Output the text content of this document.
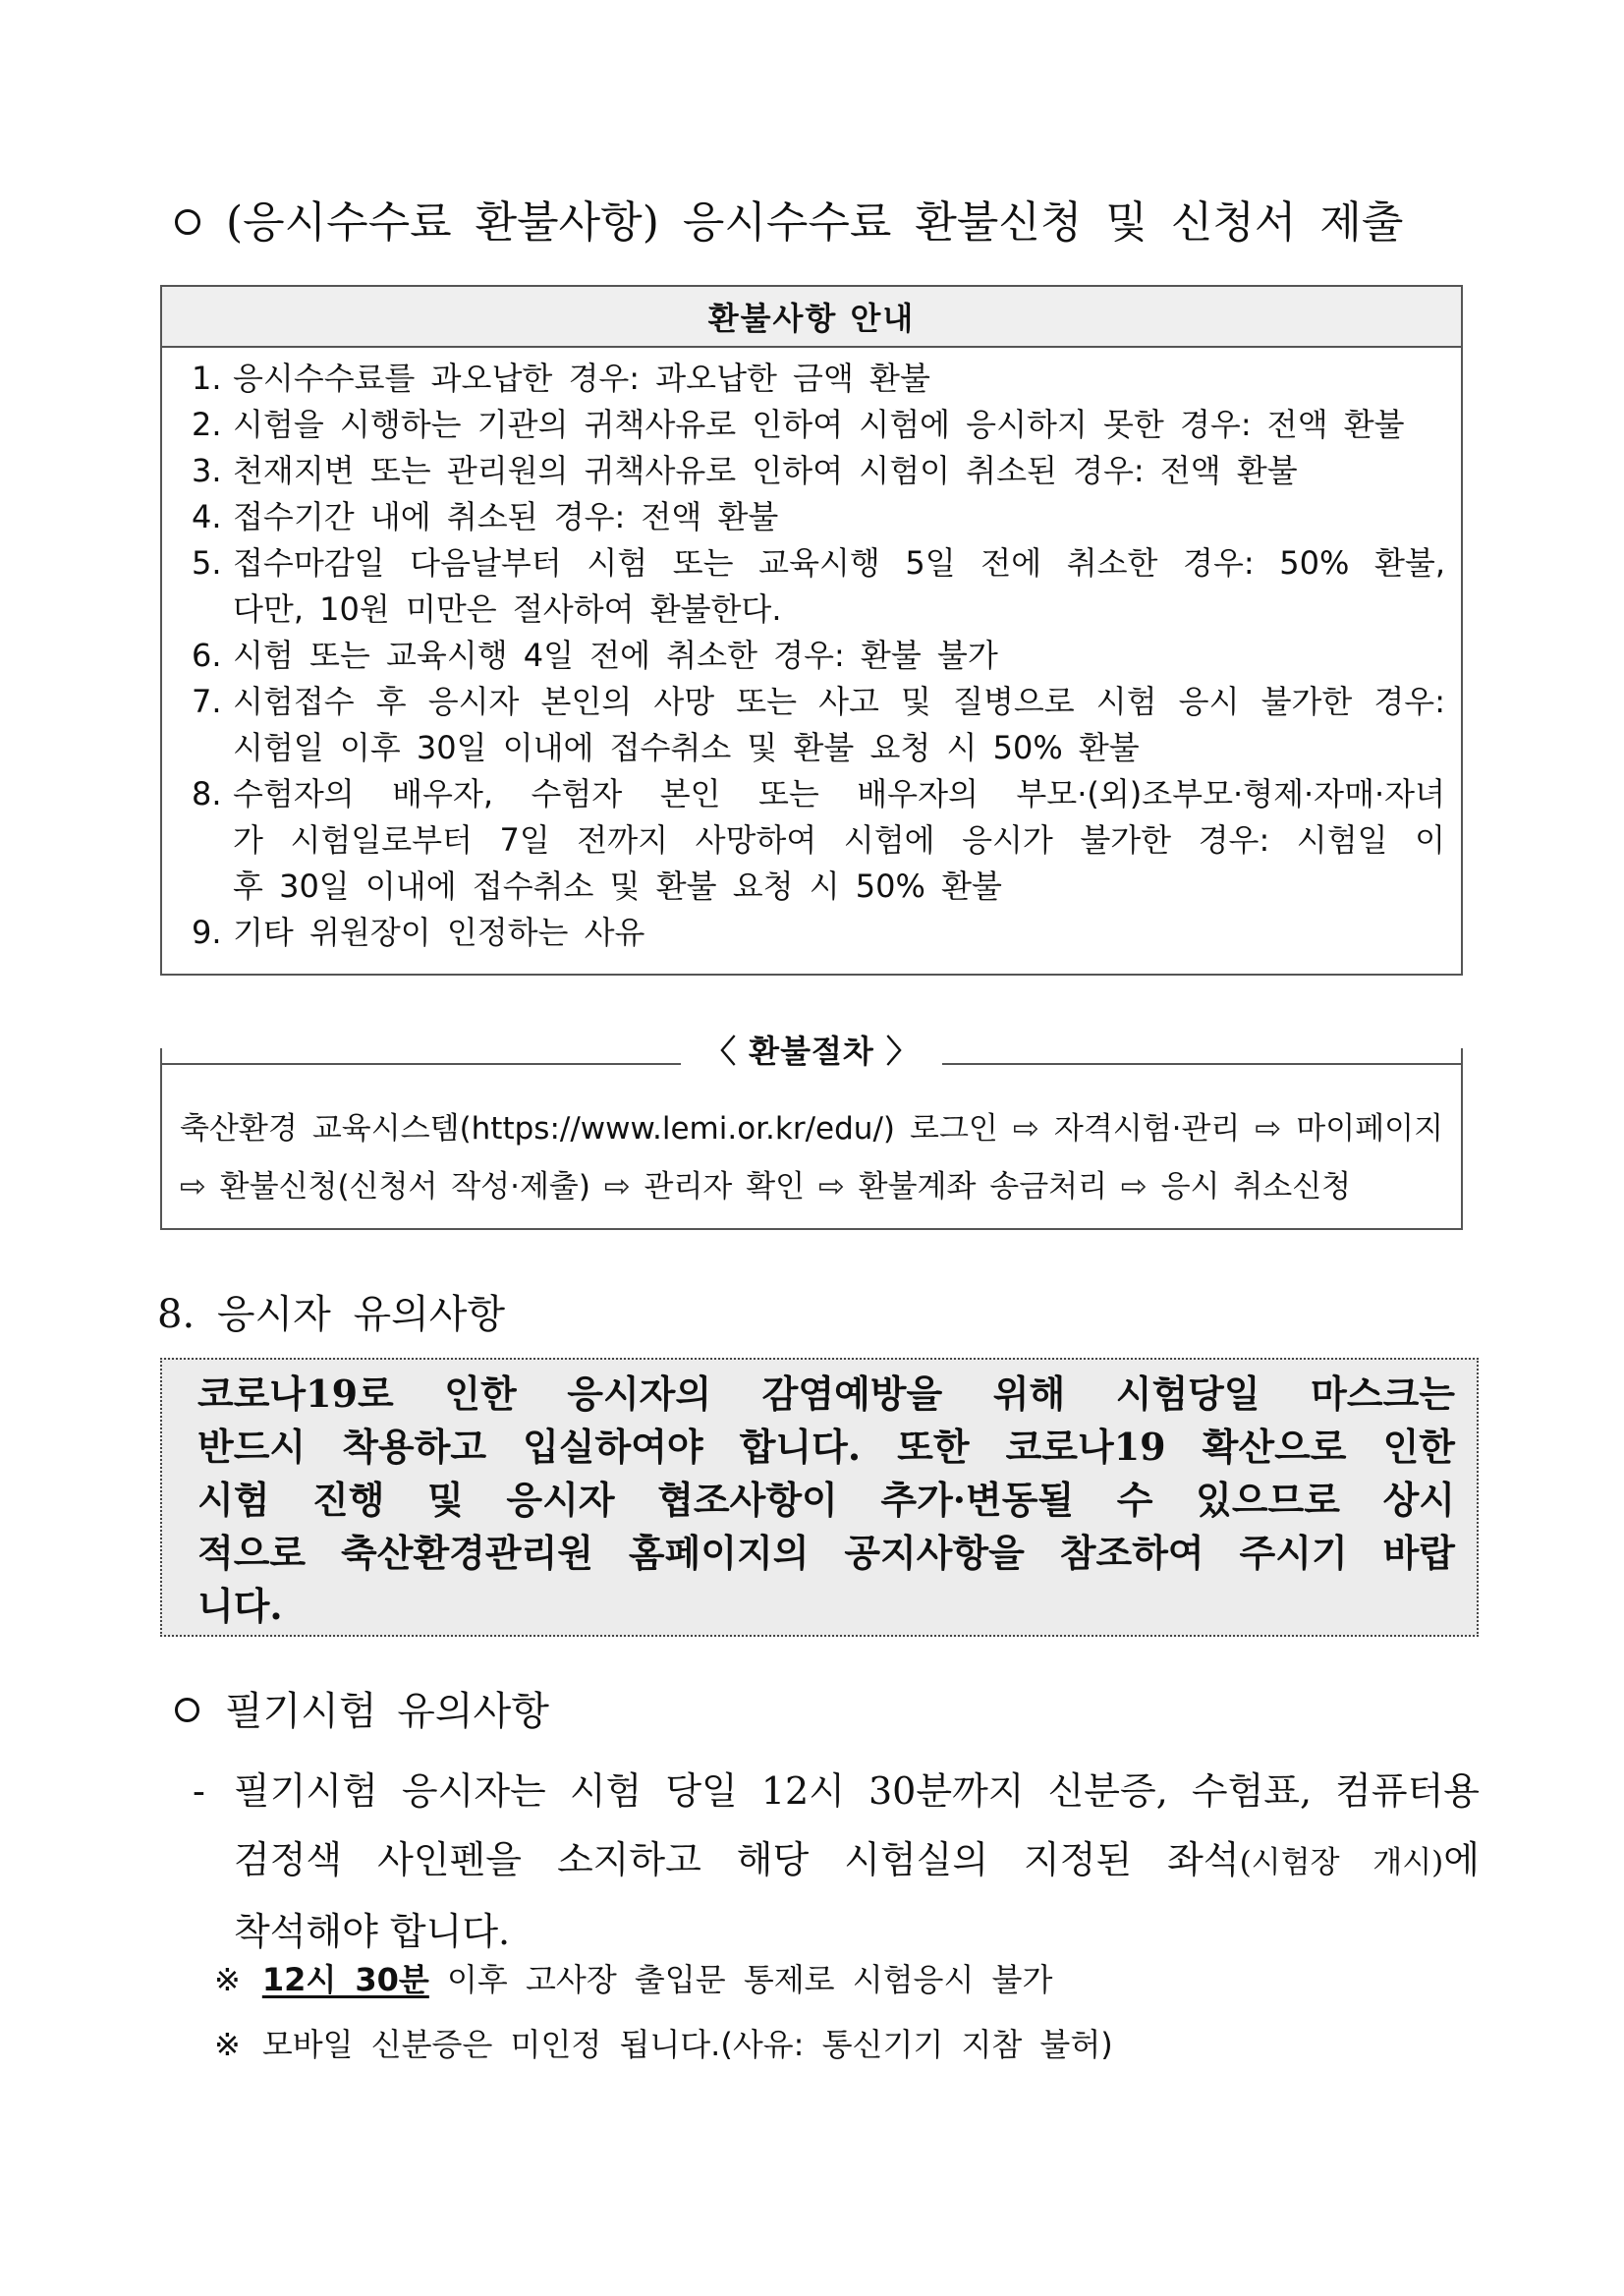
(응시수수료 환불사항) 응시수수료 환불신청 및 신청서 제출
환불사항 안내
1. 응시수수료를 과오납한 경우: 과오납한 금액 환불
2. 시험을 시행하는 기관의 귀책사유로 인하여 시험에 응시하지 못한 경우: 전액 환불
3. 천재지변 또는 관리원의 귀책사유로 인하여 시험이 취소된 경우: 전액 환불
4. 접수기간 내에 취소된 경우: 전액 환불
5. 접수마감일 다음날부터 시험 또는 교육시행 5일 전에 취소한 경우: 50% 환불,
다만, 10원 미만은 절사하여 환불한다.
6. 시험 또는 교육시행 4일 전에 취소한 경우: 환불 불가
7. 시험접수 후 응시자 본인의 사망 또는 사고 및 질병으로 시험 응시 불가한 경우:
시험일 이후 30일 이내에 접수취소 및 환불 요청 시 50% 환불
8. 수험자의 배우자, 수험자 본인 또는 배우자의 부모·(외)조부모·형제·자매·자녀
가 시험일로부터 7일 전까지 사망하여 시험에 응시가 불가한 경우: 시험일 이
후 30일 이내에 접수취소 및 환불 요청 시 50% 환불
9. 기타 위원장이 인정하는 사유
〈 환불절차 〉
축산환경 교육시스템(https://www.lemi.or.kr/edu/) 로그인 ⇨ 자격시험·관리 ⇨ 마이페이지
⇨ 환불신청(신청서 작성·제출) ⇨ 관리자 확인 ⇨ 환불계좌 송금처리 ⇨ 응시 취소신청
8. 응시자 유의사항
코로나19로 인한 응시자의 감염예방을 위해 시험당일 마스크는
반드시 착용하고 입실하여야 합니다. 또한 코로나19 확산으로 인한
시험 진행 및 응시자 협조사항이 추가·변동될 수 있으므로 상시
적으로 축산환경관리원 홈페이지의 공지사항을 참조하여 주시기 바랍
니다.
필기시험 유의사항
- 필기시험 응시자는 시험 당일 12시 30분까지 신분증, 수험표, 컴퓨터용
검정색 사인펜을 소지하고 해당 시험실의 지정된 좌석(시험장 개시)에
착석해야 합니다.
※ 12시 30분 이후 고사장 출입문 통제로 시험응시 불가
※ 모바일 신분증은 미인정 됩니다.(사유: 통신기기 지참 불허)
